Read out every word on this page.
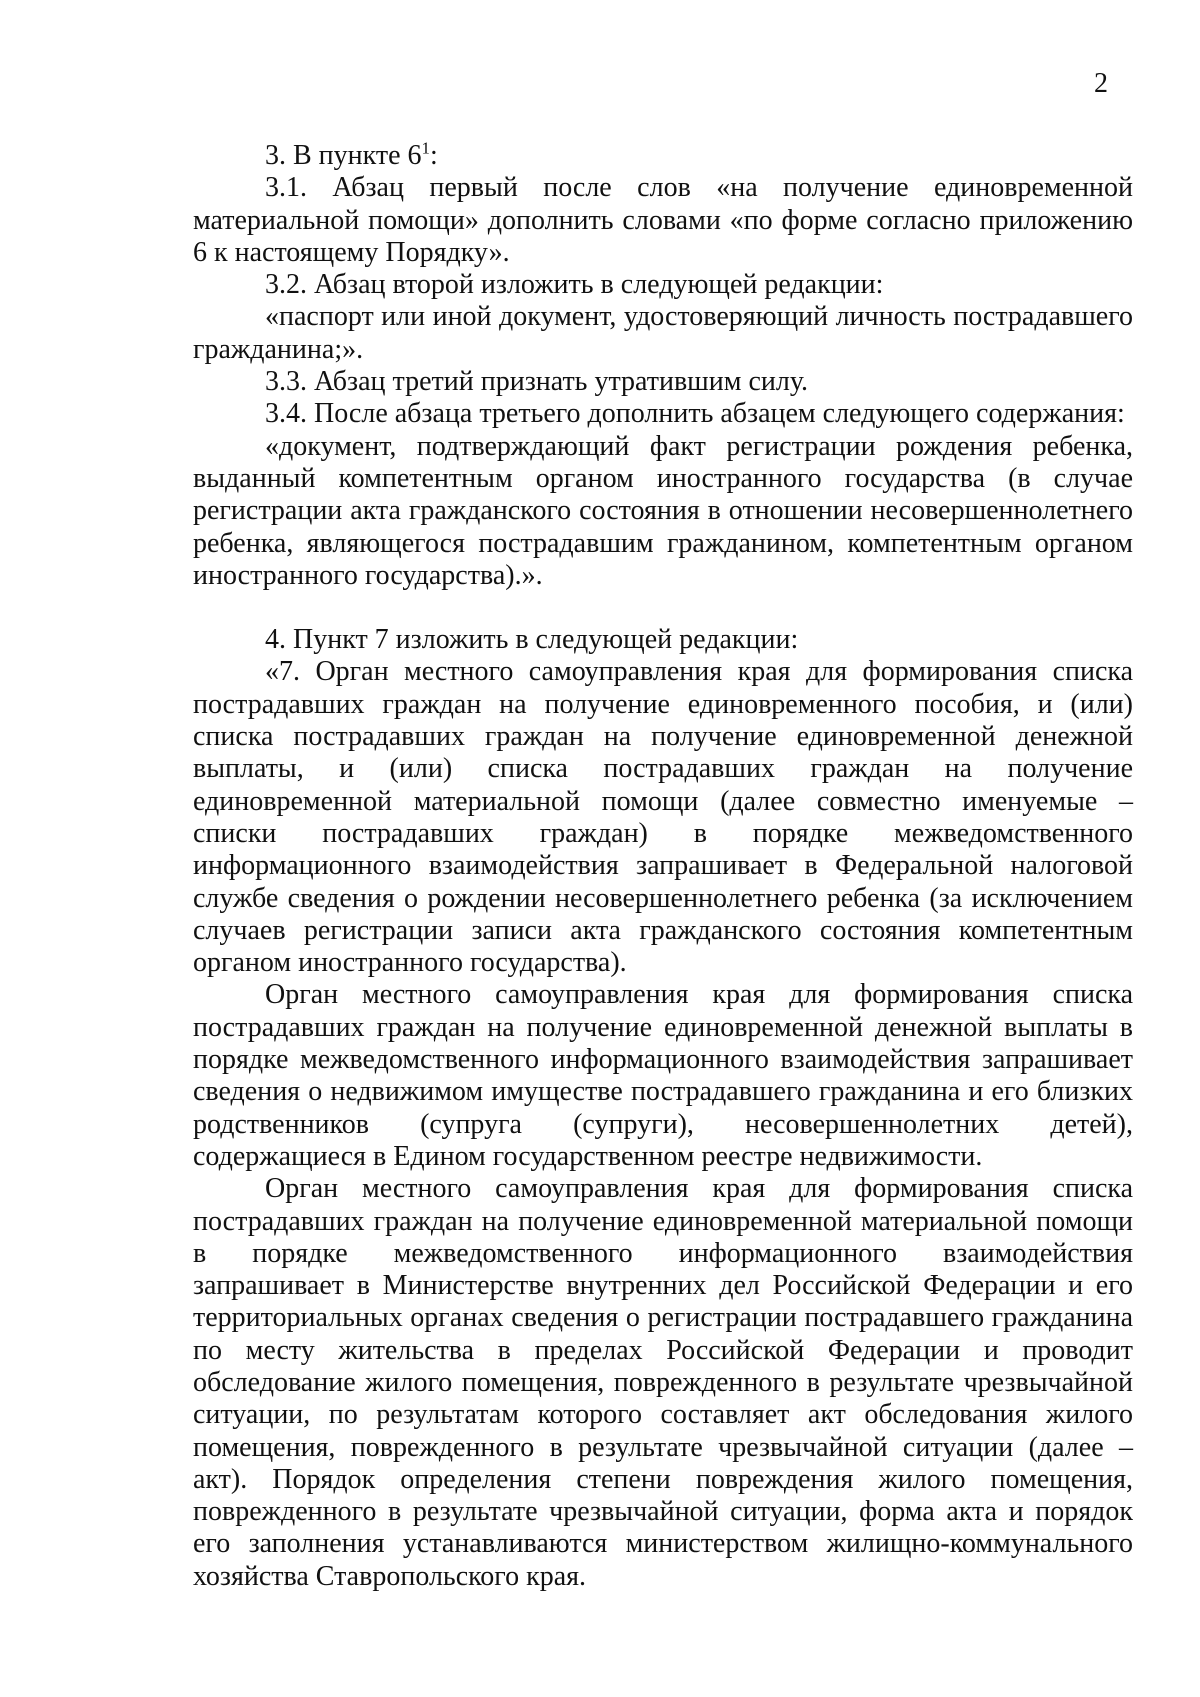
2

3. В пункте $6^1$:

3.1. Абзац первый после слов «на получение единовременной материальной помощи» дополнить словами «по форме согласно приложению 6 к настоящему Порядку».

3.2. Абзац второй изложить в следующей редакции:

«паспорт или иной документ, удостоверяющий личность пострадавшего гражданина;».

3.3. Абзац третий признать утратившим силу.

3.4. После абзаца третьего дополнить абзацем следующего содержания:

«документ, подтверждающий факт регистрации рождения ребенка, выданный компетентным органом иностранного государства (в случае регистрации акта гражданского состояния в отношении несовершеннолетнего ребенка, являющегося пострадавшим гражданином, компетентным органом иностранного государства).».

4. Пункт 7 изложить в следующей редакции:

«7. Орган местного самоуправления края для формирования списка пострадавших граждан на получение единовременного пособия, и (или) списка пострадавших граждан на получение единовременной денежной выплаты, и (или) списка пострадавших граждан на получение единовременной материальной помощи (далее совместно именуемые – списки пострадавших граждан) в порядке межведомственного информационного взаимодействия запрашивает в Федеральной налоговой службе сведения о рождении несовершеннолетнего ребенка (за исключением случаев регистрации записи акта гражданского состояния компетентным органом иностранного государства).

Орган местного самоуправления края для формирования списка пострадавших граждан на получение единовременной денежной выплаты в порядке межведомственного информационного взаимодействия запрашивает сведения о недвижимом имуществе пострадавшего гражданина и его близких родственников (супруга (супруги), несовершеннолетних детей), содержащиеся в Едином государственном реестре недвижимости.

Орган местного самоуправления края для формирования списка пострадавших граждан на получение единовременной материальной помощи в порядке межведомственного информационного взаимодействия запрашивает в Министерстве внутренних дел Российской Федерации и его территориальных органах сведения о регистрации пострадавшего гражданина по месту жительства в пределах Российской Федерации и проводит обследование жилого помещения, поврежденного в результате чрезвычайной ситуации, по результатам которого составляет акт обследования жилого помещения, поврежденного в результате чрезвычайной ситуации (далее – акт). Порядок определения степени повреждения жилого помещения, поврежденного в результате чрезвычайной ситуации, форма акта и порядок его заполнения устанавливаются министерством жилищно-коммунального хозяйства Ставропольского края.
